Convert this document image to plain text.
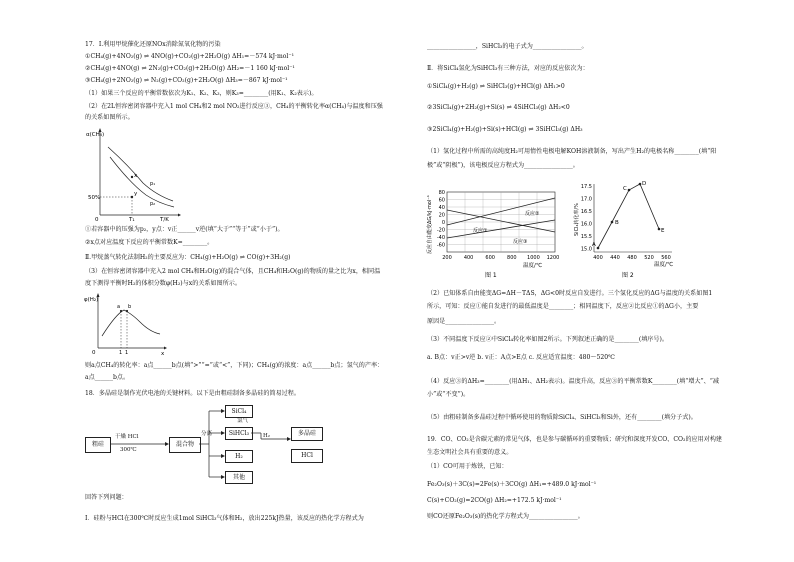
17．Ⅰ.利用甲烷催化还原NOx消除氮氧化物的污染
①CH₄(g)+4NO₂(g) ⇌ 4NO(g)+CO₂(g)+2H₂O(g) ΔH₁=－574 kJ·mol⁻¹
②CH₄(g)+4NO(g) ⇌ 2N₂(g)+CO₂(g)+2H₂O(g) ΔH₂=－1 160 kJ·mol⁻¹
③CH₄(g)+2NO₂(g) ⇌ N₂(g)+CO₂(g)+2H₂O(g) ΔH₃=－867 kJ·mol⁻¹
（1）如果三个反应的平衡常数依次为K₁、K₂、K₃，则K₃=________(用K₁、K₂表示)。
（2）在2L恒容密闭容器中充入1 mol CH₄和2 mol NO₂进行反应③，CH₄的平衡转化率α(CH₄)与温度和压强
的关系如图所示。
α(CH₄)
T/K
50%
T₁
0
x
y
p₁
p₂
①若容器中的压强为p₂，y点：v正______v逆(填“大于”“等于”或“小于”)。
②x点对应温度下反应的平衡常数K=________。
Ⅱ.甲烷蒸气转化法制H₂的主要反应为：CH₄(g)+H₂O(g) ⇌ CO(g)+3H₂(g)
（3）在恒容密闭容器中充入2 mol CH₄和H₂O(g)的混合气体，且CH₄和H₂O(g)的物质的量之比为x，相同温
度下测得平衡时H₂的体积分数φ(H₂)与x的关系如图所示。
φ(H₂)
x
0
a b
1 1
则a点CH₄的转化率：a点______b点(填“>”“=”或“<”，下同)；CH₄(g)的浓度：a点______b点；氢气的产率：
a点______b点。
18．多晶硅是制作光伏电池的关键材料。以下是由粗硅制备多晶硅的简易过程。
粗硅
干燥 HCl
300℃
混合物
分离
SiCl₄
SiHCl₃
H₂
其他
氯气
H₂	多晶硅
HCl
回答下列问题：
Ⅰ．硅粉与HCl在300℃时反应生成1mol SiHCl₃气体和H₂，放出225kJ热量，该反应的热化学方程式为
________________，SiHCl₃的电子式为________________。
Ⅱ．将SiCl₄氢化为SiHCl₃有三种方法，对应的反应依次为：
①SiCl₄(g)+H₂(g) ⇌ SiHCl₃(g)+HCl(g) ΔH₁>0
②3SiCl₄(g)+2H₂(g)+Si(s) ⇌ 4SiHCl₃(g) ΔH₂<0
③2SiCl₄(g)+H₂(g)+Si(s)+HCl(g) ⇌ 3SiHCl₃(g) ΔH₃
（1）氢化过程中所需的高纯度H₂可用惰性电极电解KOH溶液制备，写出产生H₂的电极名称________(填“阳
极”或“阴极”)，该电极反应方程式为________________。
反应②
反应①
反应③
80
60
40
20
0
-20
-40
-60
200 400 600 800 1000 1200
温度/℃
图 1
反应自由能变ΔG/kJ·mol⁻¹
17.5
17.0
16.5
16.0
15.5
15.0
400 440 480 520 560
A
B
C
D
E
温度/℃
图 2
SiCl₄转化率/%
（2）已知体系自由能变ΔG=ΔH－TΔS，ΔG<0时反应自发进行。三个氢化反应的ΔG与温度的关系如图1
所示，可知：反应①能自发进行的最低温度是________；相同温度下，反应②比反应①的ΔG小，主要
原因是________________。
（3）不同温度下反应②中SiCl₄转化率如图2所示。下列叙述正确的是________(填序号)。
a. B点：v正>v逆 b. v正：A点>E点 c. 反应适宜温度：480～520℃
（4）反应③的ΔH₃=________(用ΔH₁、ΔH₂表示)。温度升高，反应③的平衡常数K________(填“增大”、“减
小”或“不变”)。
（5）由粗硅制备多晶硅过程中循环使用的物质除SiCl₄、SiHCl₃和Si外，还有________(填分子式)。
19．CO、CO₂是含碳元素的常见气体，也是参与碳循环的重要物质；研究和深度开发CO、CO₂的应用对构建
生态文明社会具有重要的意义。
（1）CO可用于炼铁，已知：
Fe₂O₃(s)＋3C(s)=2Fe(s)＋3CO(g) ΔH₁=+489.0 kJ·mol⁻¹
C(s)+CO₂(g)=2CO(g) ΔH₂=+172.5 kJ·mol⁻¹
则CO还原Fe₂O₃(s)的热化学方程式为________________。
